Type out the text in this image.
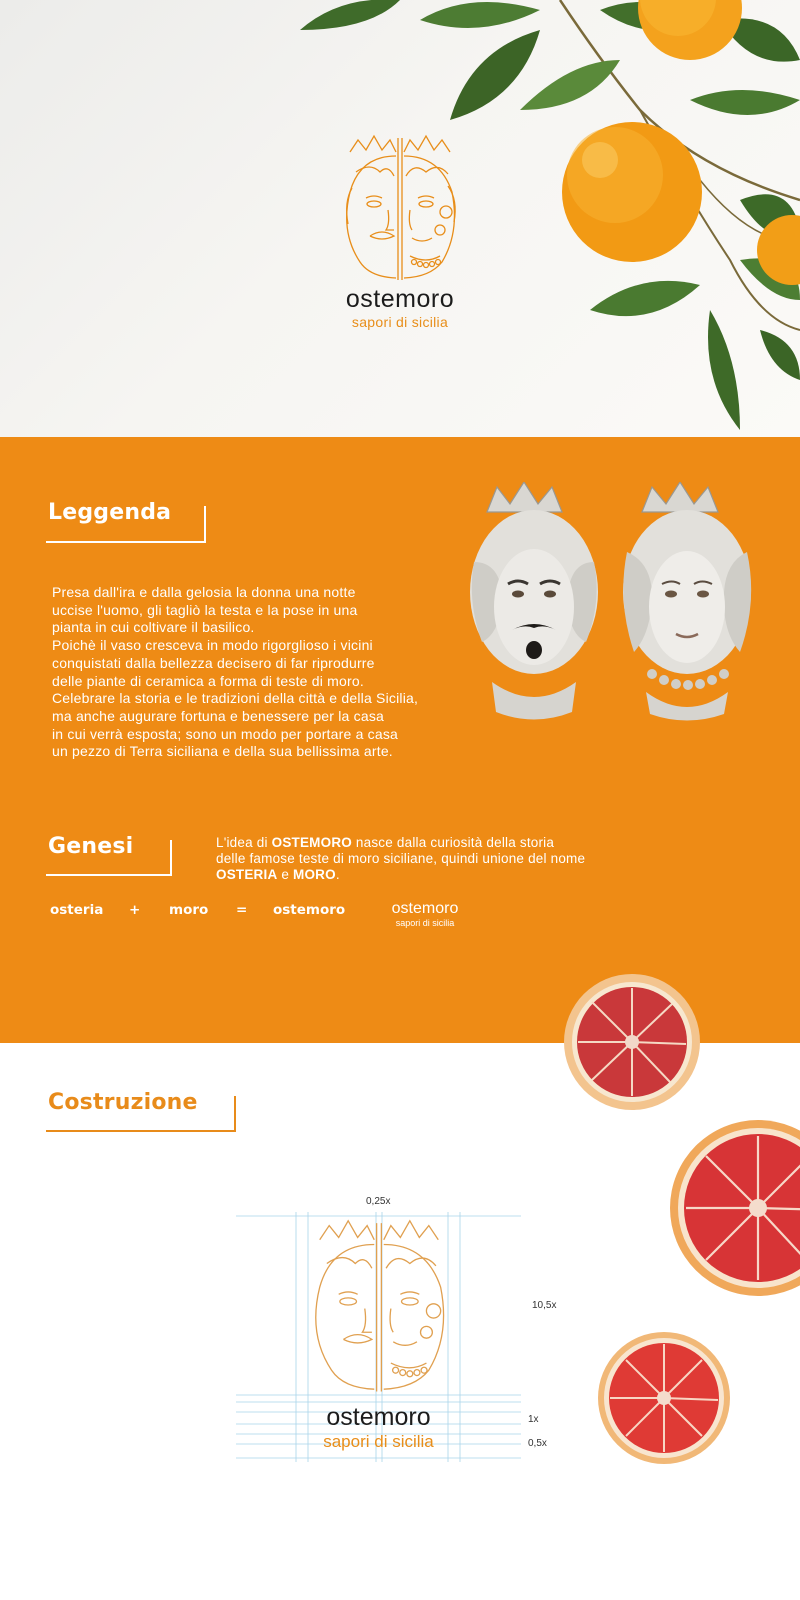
ostemoro
sapori di sicilia
Leggenda
Presa dall'ira e dalla gelosia la donna una notte
uccise l'uomo, gli tagliò la testa e la pose in una
pianta in cui coltivare il basilico.
Poichè il vaso cresceva in modo rigorglioso i vicini
conquistati dalla bellezza decisero di far riprodurre
delle piante di ceramica a forma di teste di moro.
Celebrare la storia e le tradizioni della città e della Sicilia,
ma anche augurare fortuna e benessere per la casa
in cui verrà esposta; sono un modo per portare a casa
un pezzo di Terra siciliana e della sua bellissima arte.
Genesi	L'idea di OSTEMORO nasce dalla curiosità della storia
delle famose teste di moro siciliane, quindi unione del nome
OSTERIA e MORO.
osteria + moro = ostemoro	ostemoro
sapori di sicilia
Costruzione
0,25x
10,5x
1x
0,5x
ostemoro
sapori di sicilia
